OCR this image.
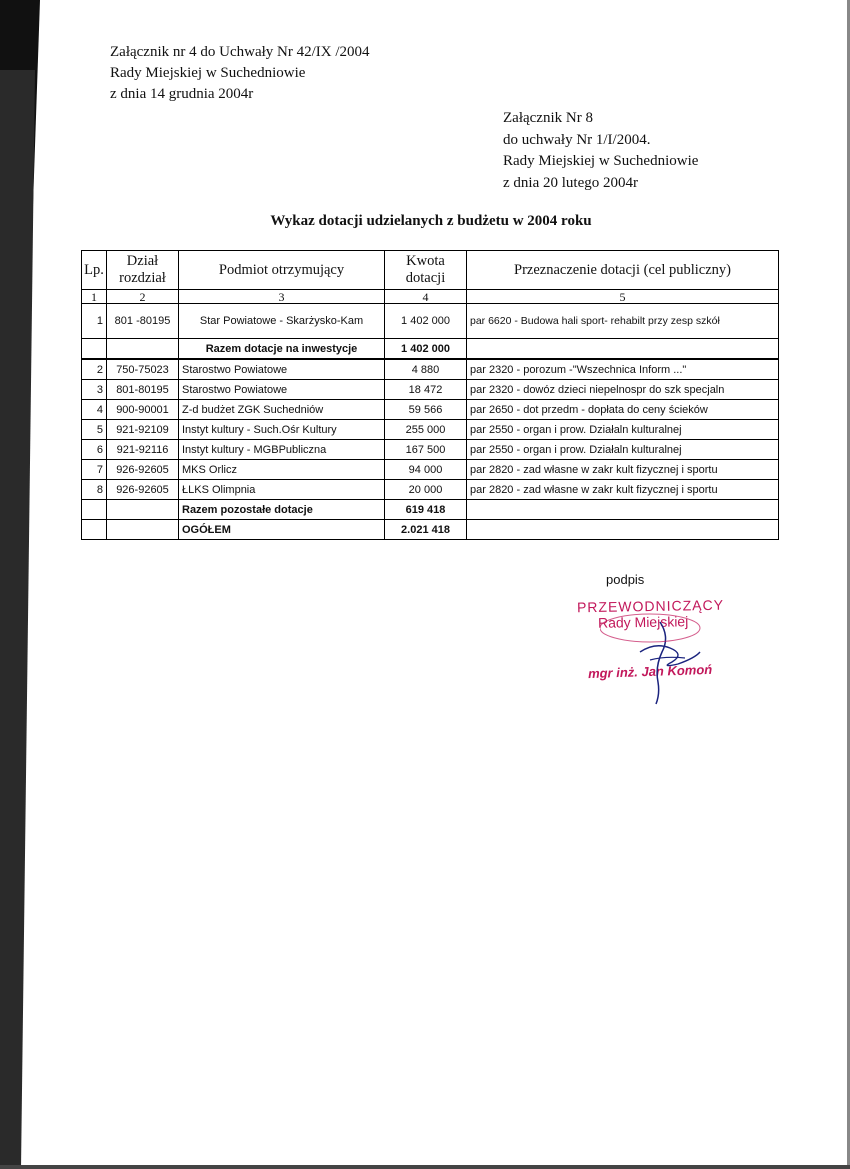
Załącznik nr 4 do Uchwały Nr 42/IX /2004
Rady Miejskiej w Suchedniowie
z dnia 14 grudnia 2004r
Załącznik Nr 8
do uchwały Nr 1/I/2004.
Rady Miejskiej w Suchedniowie
z dnia 20 lutego 2004r
Wykaz dotacji udzielanych z budżetu w 2004 roku
Lp.	Dział rozdział	Podmiot otrzymujący	Kwota dotacji	Przeznaczenie dotacji (cel publiczny)
1	2	3	4	5
1	801 -80195	Star Powiatowe - Skarżysko-Kam	1 402 000	par 6620 - Budowa hali sport- rehabilt przy zesp szkół
		Razem dotacje na inwestycje	1 402 000	
2	750-75023	Starostwo Powiatowe	4 880	par 2320 - porozum -"Wszechnica Inform ..."
3	801-80195	Starostwo Powiatowe	18 472	par 2320 - dowóz dzieci niepelnospr do szk specjaln
4	900-90001	Z-d budżet ZGK Suchedniów	59 566	par 2650 - dot przedm - dopłata do ceny ścieków
5	921-92109	Instyt kultury - Such.Ośr Kultury	255 000	par 2550 - organ i prow. Działaln kulturalnej
6	921-92116	Instyt kultury - MGBPubliczna	167 500	par 2550 - organ i prow. Działaln kulturalnej
7	926-92605	MKS Orlicz	94 000	par 2820 - zad własne w zakr kult fizycznej i sportu
8	926-92605	ŁLKS Olimpnia	20 000	par 2820 - zad własne w zakr kult fizycznej i sportu
		Razem pozostałe dotacje	619 418	
		OGÓŁEM	2.021 418	
podpis
PRZEWODNICZĄCY
Rady Miejskiej
mgr inż. Jan Komoń
